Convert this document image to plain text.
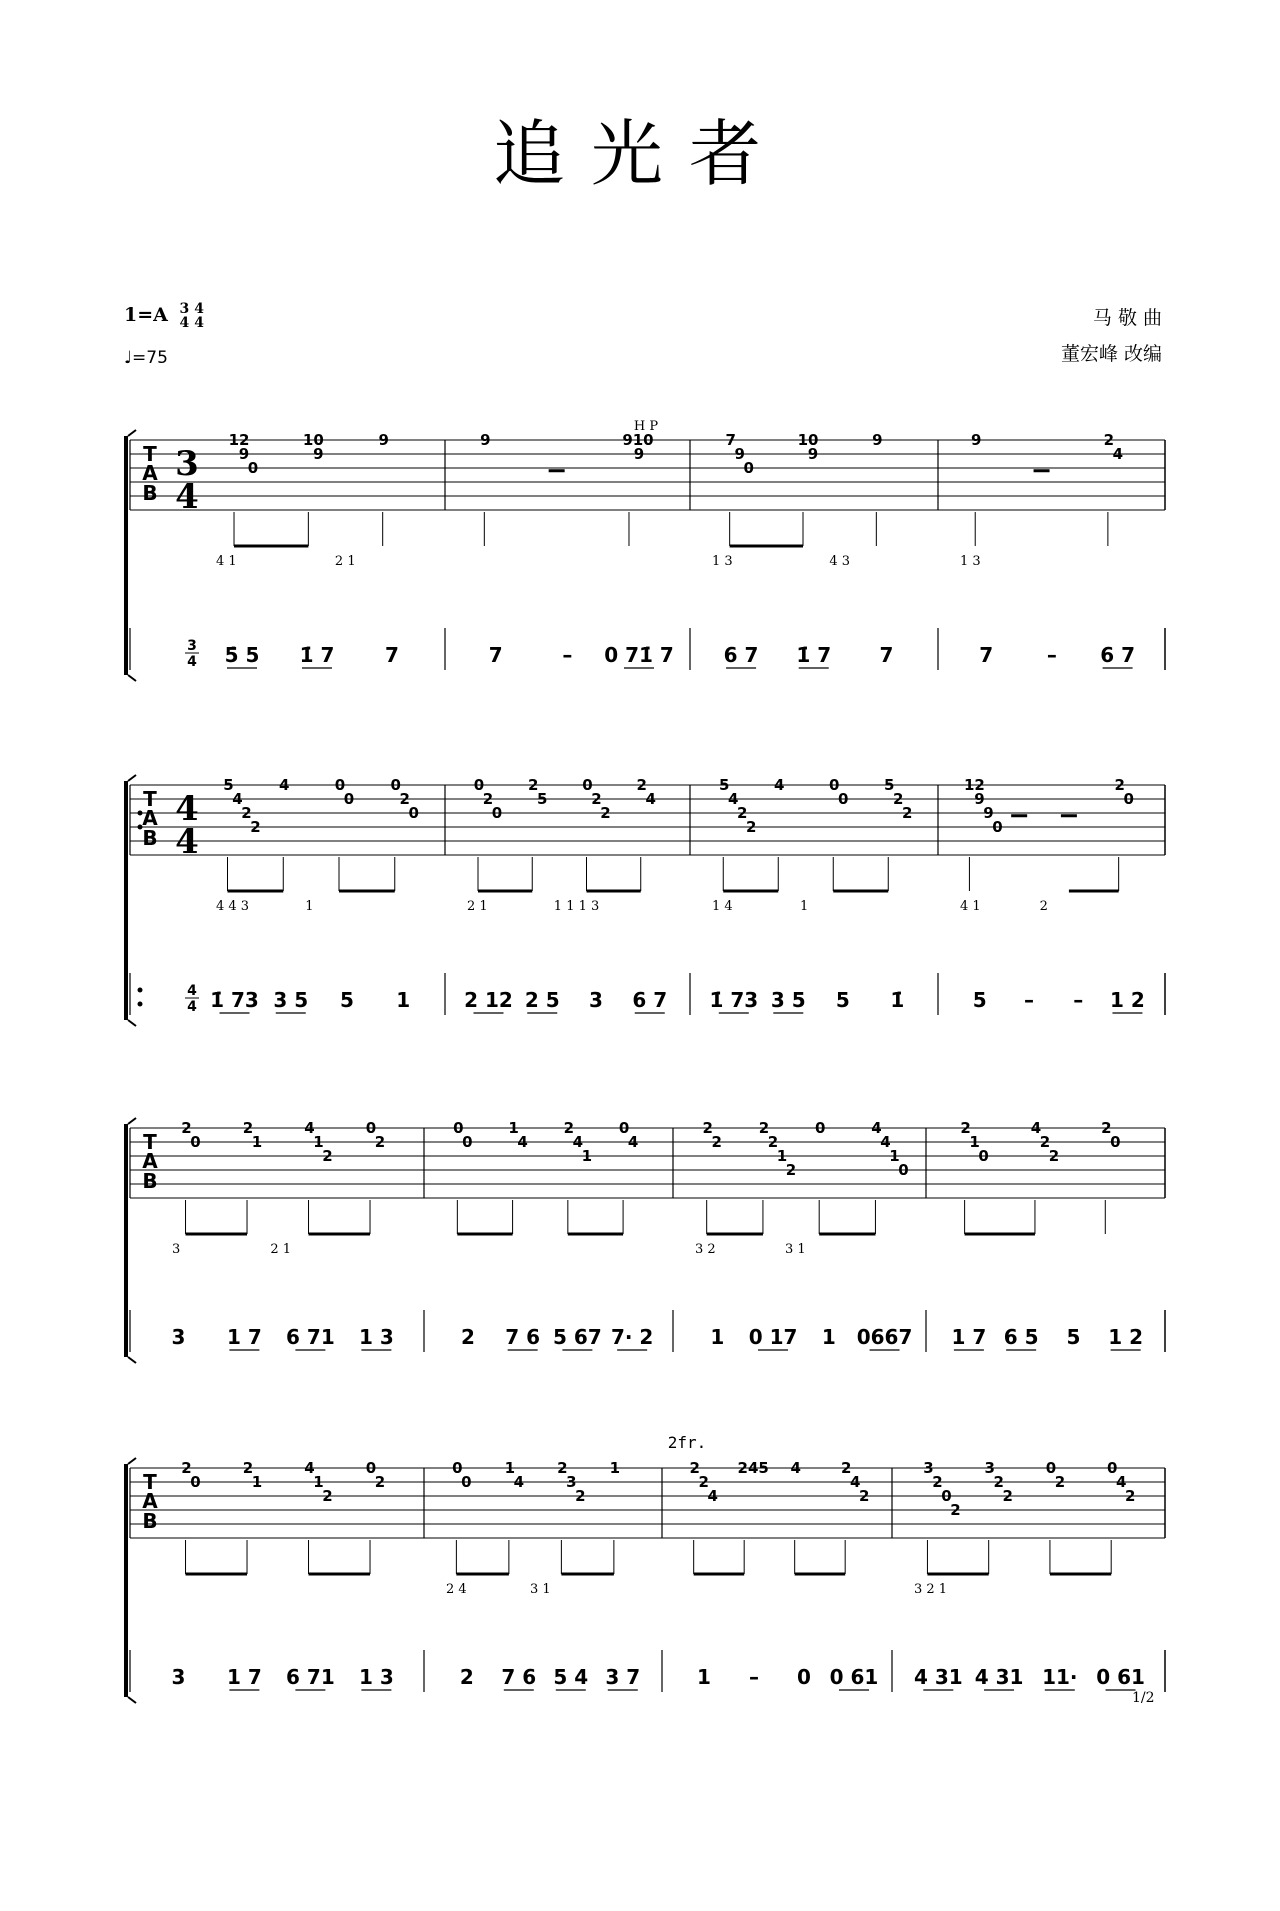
追光者
1=A 3
44
4
♩=75
马 敬 曲
董宏峰 改编
1/2
T
A
B
3
4
3
4
12
9
0
10
9
9
4 1	2 1
5̇ 5 1̇ 7	7
9	910
9
H P
7	– 0 71̇ 7
7
9
0
10
9
9
1 3	4 3
6 7 1̇ 7 7
9	2
4
1 3
7	– 6 7
T
A
B
4
4
4
4
5
4
2
2
4	0
0
0
2
0
4 4 3	1
1̇ 73 3 5 5 1
0
2
0
2
5
0
2
2
2
4
2 1	1 1 1 3
2 12 2 5 3 6 7
5
4
2
2
4	0
0
5
2
2
1 4	1
1̇ 73 3 5 5 1̇
12
9
9
0
2
0
4 1	2
5 – – 1 2
T
A
B
2
0
2
1
4
1
2
0
2
3	2 1
3 1 7 6 71 1 3
0
0
1
4
2
4
1
0
4
2 7 6 5 67 7· 2
2
2
2
2
1
2
0	4
4
1
0
3 2	3 1
1 0 17 1 0667
2
1
0
4
2
2
2
0
1 7 6 5 5 1 2
T
A
B
2fr.
2
0
2
1
4
1
2
0
2
3 1 7 6 71 1 3
0
0
1
4
2
3
2
1
2 4	3 1
2 7 6 5 4 3 7
2
2
4
245 4	2
4
2
1 – 0 0 61
3
2
0
2
3
2
2
0
2
0
4
2
3 2 1
4 31 4 31 11· 0 61
